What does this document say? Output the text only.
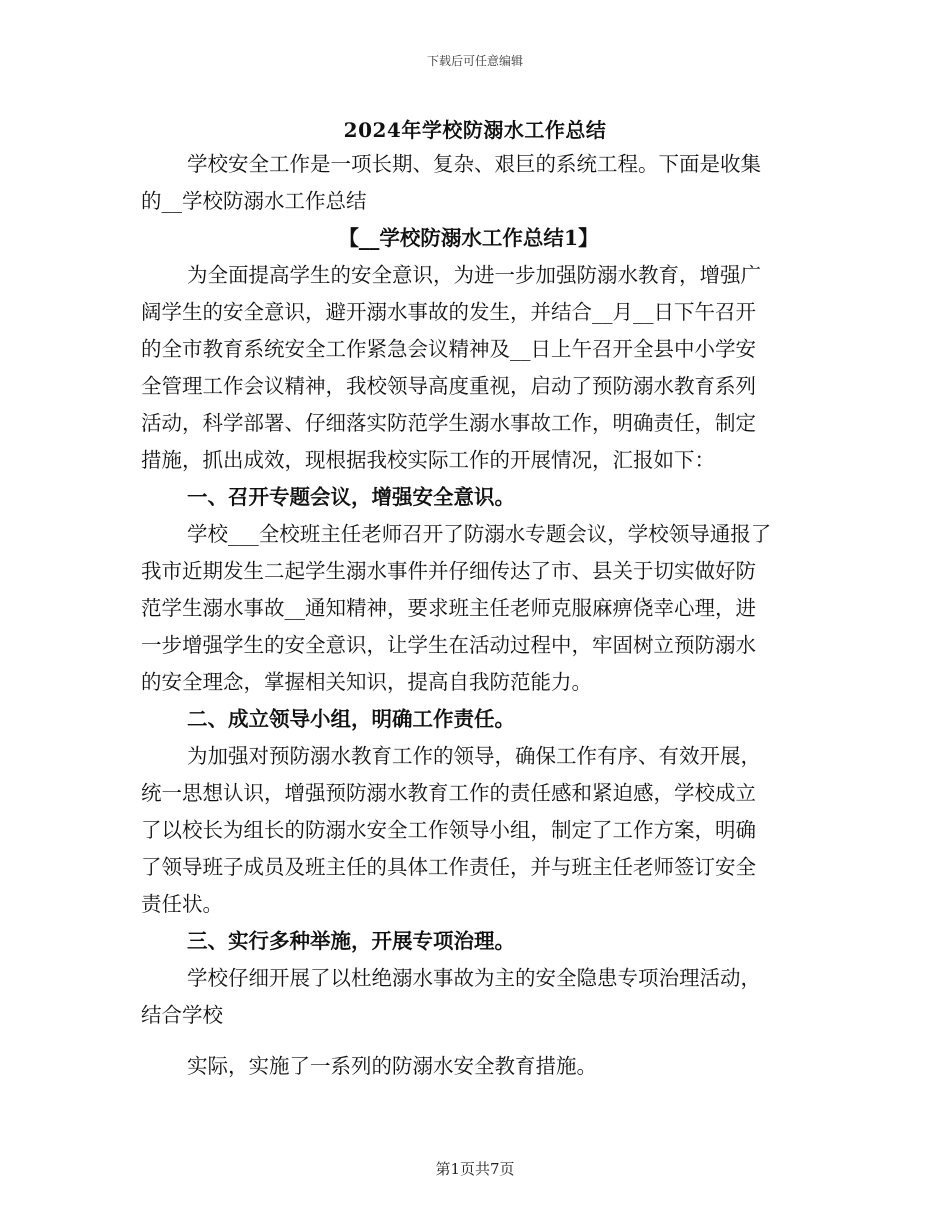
下载后可任意编辑
2024年学校防溺水工作总结
学校安全工作是一项长期、复杂、艰巨的系统工程。下面是收集
的__学校防溺水工作总结
【__学校防溺水工作总结1】
为全面提高学生的安全意识，为进一步加强防溺水教育，增强广
阔学生的安全意识，避开溺水事故的发生，并结合__月__日下午召开
的全市教育系统安全工作紧急会议精神及__日上午召开全县中小学安
全管理工作会议精神，我校领导高度重视，启动了预防溺水教育系列
活动，科学部署、仔细落实防范学生溺水事故工作，明确责任，制定
措施，抓出成效，现根据我校实际工作的开展情况，汇报如下：
一、召开专题会议，增强安全意识。
学校___全校班主任老师召开了防溺水专题会议，学校领导通报了
我市近期发生二起学生溺水事件并仔细传达了市、县关于切实做好防
范学生溺水事故__通知精神，要求班主任老师克服麻痹侥幸心理，进
一步增强学生的安全意识，让学生在活动过程中，牢固树立预防溺水
的安全理念，掌握相关知识，提高自我防范能力。
二、成立领导小组，明确工作责任。
为加强对预防溺水教育工作的领导，确保工作有序、有效开展，
统一思想认识，增强预防溺水教育工作的责任感和紧迫感，学校成立
了以校长为组长的防溺水安全工作领导小组，制定了工作方案，明确
了领导班子成员及班主任的具体工作责任，并与班主任老师签订安全
责任状。
三、实行多种举施，开展专项治理。
学校仔细开展了以杜绝溺水事故为主的安全隐患专项治理活动，
结合学校
实际，实施了一系列的防溺水安全教育措施。
第1页共7页
